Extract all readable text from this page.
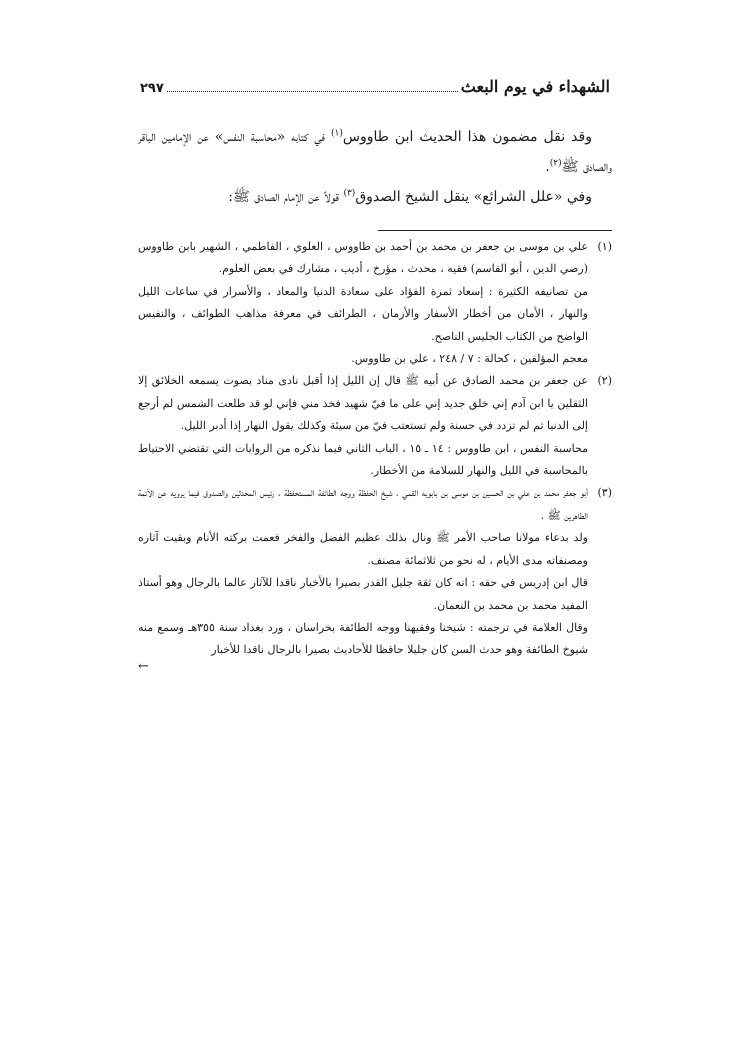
٢٩٧	الشهداء في يوم البعث

وقد نقل مضمون هذا الحديث ابن طاووس$^{(١)}$ في كتابه «محاسبة النفس» عن الإمامين الباقر والصادق ﷺ$^{(٢)}$.

وفي «علل الشرائع» ينقل الشيخ الصدوق$^{(٣)}$ قولاً عن الإمام الصادق ﷺ:

(١)
علي بن موسى بن جعفر بن محمد بن أحمد بن طاووس ، العلوي ، الفاطمي ، الشهير بابن طاووس (رضي الدين ، أبو القاسم) فقيه ، محدث ، مؤرخ ، أديب ، مشارك في بعض العلوم.

من تصانيفه الكثيرة : إسعاد ثمرة الفؤاد على سعادة الدنيا والمعاد ، والأسرار في ساعات الليل والنهار ، الأمان من أخطار الأسفار والأزمان ، الطرائف في معرفة مذاهب الطوائف ، والنفيس الواضح من الكتاب الجليس الناصح.

معجم المؤلفين ، كحالة : ٧ / ٢٤٨ ، علي بن طاووس.

(٢)
عن جعفر بن محمد الصادق عن أبيه ﷺ قال إن الليل إذا أقبل نادى مناد بصوت يسمعه الخلائق إلا الثقلين يا ابن آدم إني خلق جديد إني على ما فيّ شهيد فخذ مني فإني لو قد طلعت الشمس لم أرجع إلى الدنيا ثم لم تزدد في حسنة ولم تستعتب فيّ من سيئة وكذلك يقول النهار إذا أدبر الليل.

محاسبة النفس ، ابن طاووس : ١٤ ـ ١٥ ، الباب الثاني فيما نذكره من الروايات التي تقتضي الاحتياط بالمحاسبة في الليل والنهار للسلامة من الأخطار.

(٣)
أبو جعفر محمد بن علي بن الحسين بن موسى بن بابويه القمي ، شيخ الحفظة ووجه الطائفة المستحفظة ، رئيس المحدثين والصدوق فيما يرويه عن الأئمة الطاهرين ﷺ .

ولد بدعاء مولانا صاحب الأمر ﷺ ونال بذلك عظيم الفضل والفخر فعمت بركته الأنام وبقيت آثاره ومصنفاته مدى الأيام ، له نحو من ثلاثمائة مصنف.

قال ابن إدريس في حقه : انه كان ثقة جليل القدر بصيرا بالأخبار ناقدا للآثار عالما بالرجال وهو أستاذ المفيد محمد بن محمد بن النعمان.

وقال العلامة في ترجمته : شيخنا وفقيهنا ووجه الطائفة بخراسان ، ورد بغداد سنة ٣٥٥هـ وسمع منه شيوخ الطائفة وهو حدث السن كان جليلا حافظا للأحاديث بصيرا بالرجال ناقدا للأخبار

←
